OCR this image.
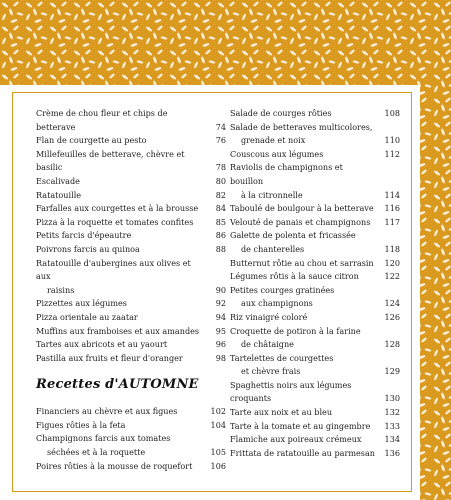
Crème de chou fleur et chips de betterave	74
Flan de courgette au pesto	76
Millefeuilles de betterave, chèvre et basilic	78
Escalivade	80
Ratatouille	82
Farfalles aux courgettes et à la brousse	84
Pizza à la roquette et tomates confites	85
Petits farcis d'épeautre	86
Poivrons farcis au quinoa	88
Ratatouille d'aubergines aux olives et aux
raisins	90
Pizzettes aux légumes	92
Pizza orientale au zaatar	94
Muffins aux framboises et aux amandes	95
Tartes aux abricots et au yaourt	96
Pastilla aux fruits et fleur d'oranger	98
Recettes d'AUTOMNE
Financiers au chèvre et aux figues	102
Figues rôties à la feta	104
Champignons farcis aux tomates
séchées et à la roquette	105
Poires rôties à la mousse de roquefort	106
Salade de courges rôties	108
Salade de betteraves multicolores,
grenade et noix	110
Couscous aux légumes	112
Raviolis de champignons et bouillon
à la citronnelle	114
Taboulé de boulgour à la betterave	116
Velouté de panais et champignons	117
Galette de polenta et fricassée
de chanterelles	118
Butternut rôtie au chou et sarrasin	120
Légumes rôtis à la sauce citron	122
Petites courges gratinées
aux champignons	124
Riz vinaigré coloré	126
Croquette de potiron à la farine
de châtaigne	128
Tartelettes de courgettes
et chèvre frais	129
Spaghettis noirs aux légumes croquants	130
Tarte aux noix et au bleu	132
Tarte à la tomate et au gingembre	133
Flamiche aux poireaux crémeux	134
Frittata de ratatouille au parmesan	136
